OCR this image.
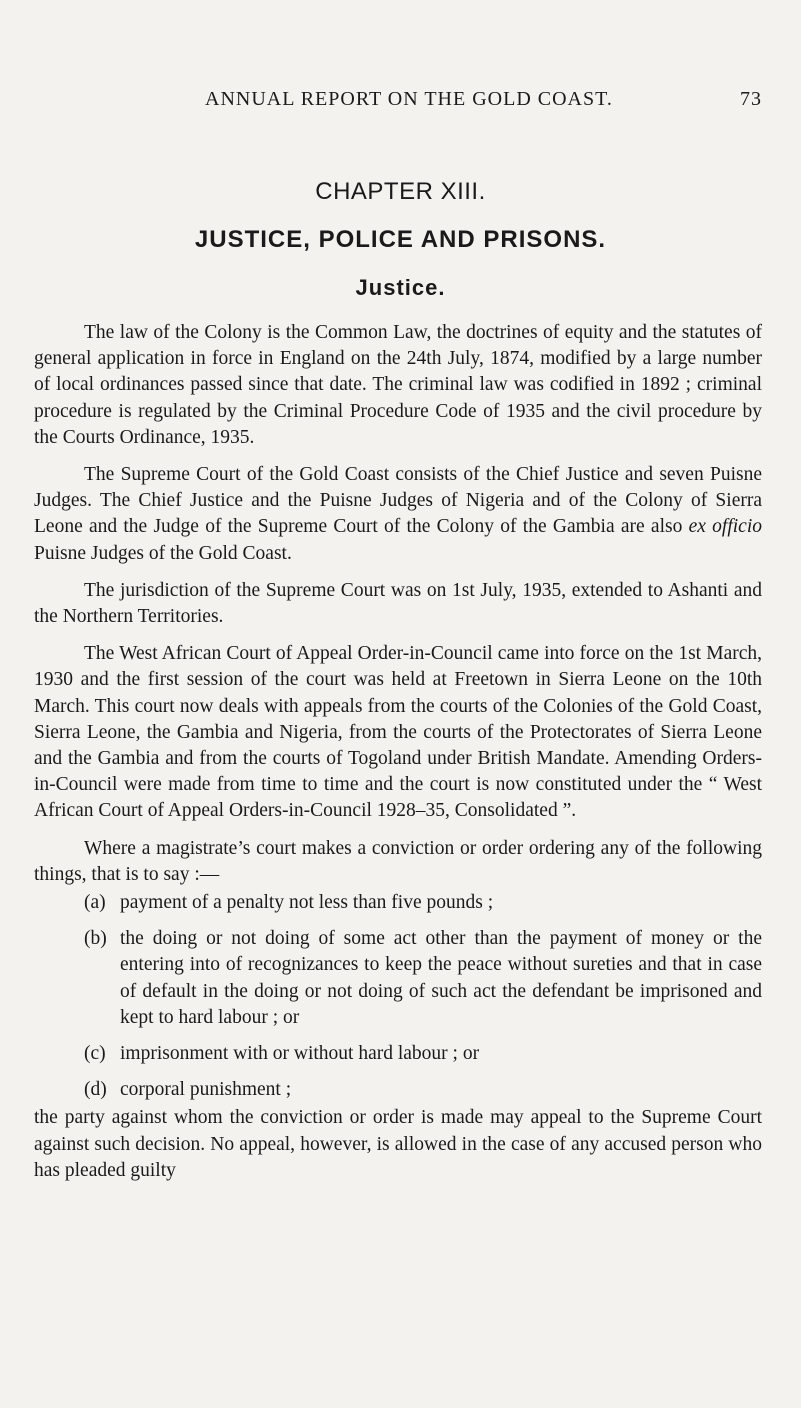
ANNUAL REPORT ON THE GOLD COAST.	73
CHAPTER XIII.
JUSTICE, POLICE AND PRISONS.
Justice.

The law of the Colony is the Common Law, the doctrines of equity and the statutes of general application in force in England on the 24th July, 1874, modified by a large number of local ordinances passed since that date. The criminal law was codified in 1892 ; criminal procedure is regulated by the Criminal Procedure Code of 1935 and the civil procedure by the Courts Ordinance, 1935.

The Supreme Court of the Gold Coast consists of the Chief Justice and seven Puisne Judges. The Chief Justice and the Puisne Judges of Nigeria and of the Colony of Sierra Leone and the Judge of the Supreme Court of the Colony of the Gambia are also ex officio Puisne Judges of the Gold Coast.

The jurisdiction of the Supreme Court was on 1st July, 1935, extended to Ashanti and the Northern Territories.

The West African Court of Appeal Order-in-Council came into force on the 1st March, 1930 and the first session of the court was held at Freetown in Sierra Leone on the 10th March. This court now deals with appeals from the courts of the Colonies of the Gold Coast, Sierra Leone, the Gambia and Nigeria, from the courts of the Protectorates of Sierra Leone and the Gambia and from the courts of Togoland under British Mandate. Amending Orders-in-Council were made from time to time and the court is now constituted under the “ West African Court of Appeal Orders-in-Council 1928–35, Consolidated ”.

Where a magistrate’s court makes a conviction or order ordering any of the following things, that is to say :—

(a) payment of a penalty not less than five pounds ;
(b) the doing or not doing of some act other than the payment of money or the entering into of recognizances to keep the peace without sureties and that in case of default in the doing or not doing of such act the defendant be imprisoned and kept to hard labour ; or
(c) imprisonment with or without hard labour ; or
(d) corporal punishment ;

the party against whom the conviction or order is made may appeal to the Supreme Court against such decision. No appeal, however, is allowed in the case of any accused person who has pleaded guilty
